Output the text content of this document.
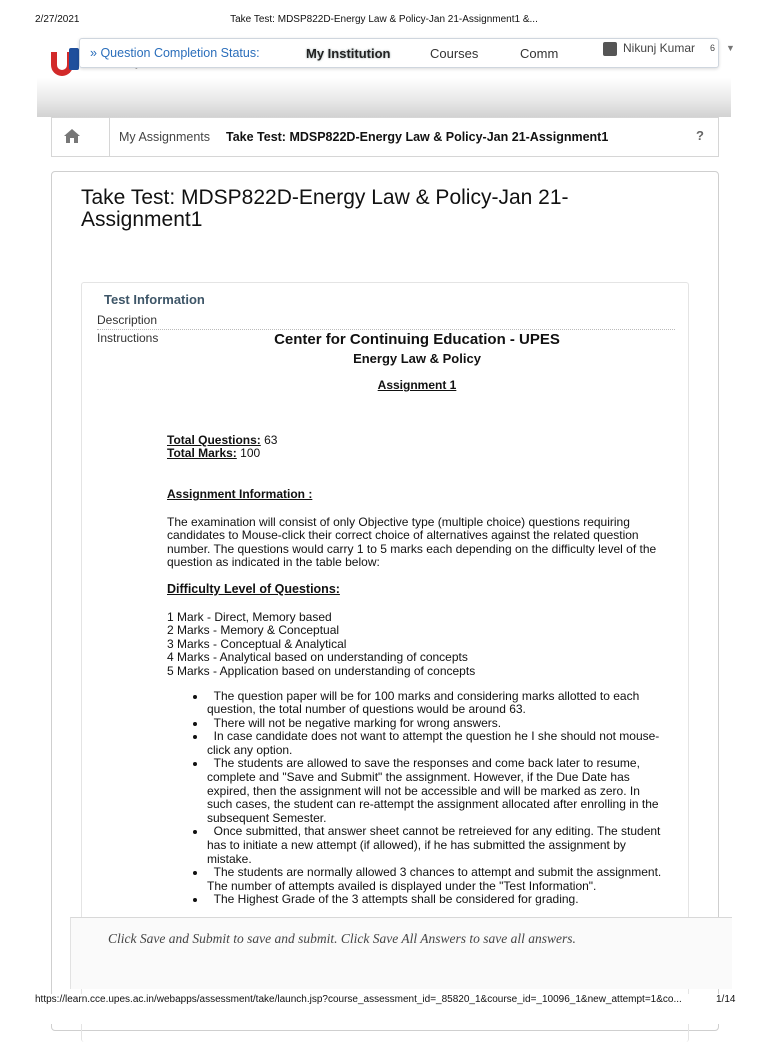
2/27/2021	Take Test: MDSP822D-Energy Law & Policy-Jan 21-Assignment1 &...
» Question Completion Status:	My Institution	Courses	Comm	Nikunj Kumar 6 ▼
My Assignments Take Test: MDSP822D-Energy Law & Policy-Jan 21-Assignment1	?
Take Test: MDSP822D-Energy Law & Policy-Jan 21-Assignment1
Test Information
Description
Instructions	Center for Continuing Education - UPES
Energy Law & Policy
Assignment 1
Total Questions: 63
Total Marks: 100
Assignment Information :
The examination will consist of only Objective type (multiple choice) questions requiring candidates to Mouse-click their correct choice of alternatives against the related question number. The questions would carry 1 to 5 marks each depending on the difficulty level of the question as indicated in the table below:
Difficulty Level of Questions:
1 Mark - Direct, Memory based
2 Marks - Memory & Conceptual
3 Marks - Conceptual & Analytical
4 Marks - Analytical based on understanding of concepts
5 Marks - Application based on understanding of concepts
• The question paper will be for 100 marks and considering marks allotted to each question, the total number of questions would be around 63.
• There will not be negative marking for wrong answers.
• In case candidate does not want to attempt the question he I she should not mouse-click any option.
• The students are allowed to save the responses and come back later to resume, complete and "Save and Submit" the assignment. However, if the Due Date has expired, then the assignment will not be accessible and will be marked as zero. In such cases, the student can re-attempt the assignment allocated after enrolling in the subsequent Semester.
• Once submitted, that answer sheet cannot be retreieved for any editing. The student has to initiate a new attempt (if allowed), if he has submitted the assignment by mistake.
• The students are normally allowed 3 chances to attempt and submit the assignment. The number of attempts availed is displayed under the "Test Information".
• The Highest Grade of the 3 attempts shall be considered for grading.
Click Save and Submit to save and submit. Click Save All Answers to save all answers.
https://learn.cce.upes.ac.in/webapps/assessment/take/launch.jsp?course_assessment_id=_85820_1&course_id=_10096_1&new_attempt=1&co...	1/14
